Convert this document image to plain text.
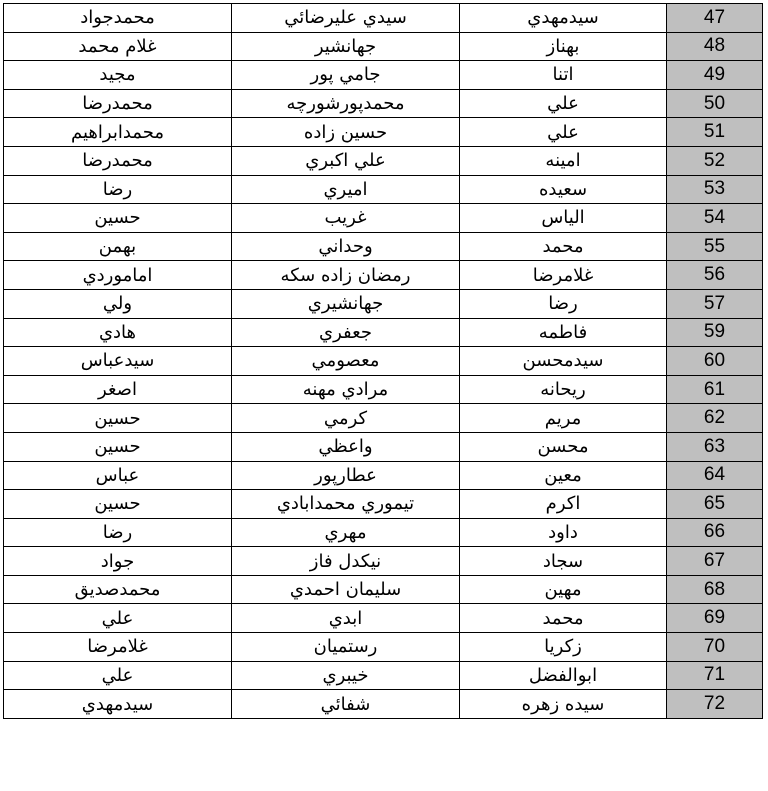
محمدجواد	سيدي عليرضائي	سيدمهدي	47
غلام محمد	جهانشير	بهناز	48
مجيد	جامي پور	اتنا	49
محمدرضا	محمدپورشورچه	علي	50
محمدابراهيم	حسين زاده	علي	51
محمدرضا	علي اكبري	امينه	52
رضا	اميري	سعيده	53
حسين	غريب	الياس	54
بهمن	وحداني	محمد	55
اماموردي	رمضان زاده سكه	غلامرضا	56
ولي	جهانشيري	رضا	57
هادي	جعفري	فاطمه	59
سيدعباس	معصومي	سيدمحسن	60
اصغر	مرادي مهنه	ريحانه	61
حسين	كرمي	مريم	62
حسين	واعظي	محسن	63
عباس	عطارپور	معين	64
حسين	تيموري محمدابادي	اكرم	65
رضا	مهري	داود	66
جواد	نيكدل فاز	سجاد	67
محمدصديق	سليمان احمدي	مهين	68
علي	ابدي	محمد	69
غلامرضا	رستميان	زكريا	70
علي	خيبري	ابوالفضل	71
سيدمهدي	شفائي	سيده زهره	72
